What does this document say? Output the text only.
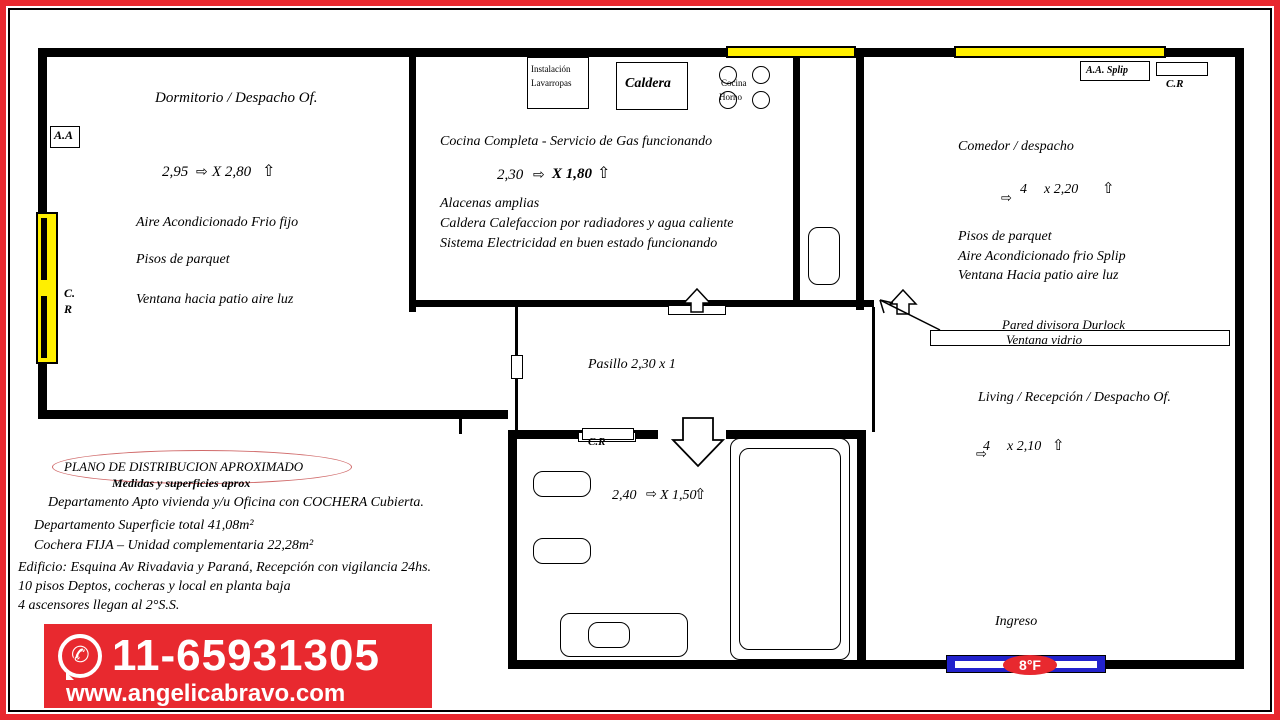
A.A
Dormitorio / Despacho Of.
2,95 ⇨ X 2,80 ⇧
Aire Acondicionado Frio fijo
Pisos de parquet
Ventana hacia patio aire luz
C.
R
Instalación
Lavarropas	Caldera	Cocina
Horno
Cocina Completa - Servicio de Gas funcionando
2,30 ⇨ X 1,80 ⇧
Alacenas amplias
Caldera Calefaccion por radiadores y agua caliente
Sistema Electricidad en buen estado funcionando
A.A. Splip
C.R
Comedor / despacho
4
⇨
x 2,20 ⇧
Pisos de parquet
Aire Acondicionado frio Splip
Ventana Hacia patio aire luz
Pared divisora Durlock
Ventana vidrio
Living / Recepción / Despacho Of.
4
⇨
x 2,10 ⇧
Pasillo 2,30 x 1
C.R
2,40 ⇨ X 1,50
⇧
PLANO DE DISTRIBUCION APROXIMADO
Medidas y superficies aprox
Departamento Apto vivienda y/u Oficina con COCHERA Cubierta.
Departamento Superficie total 41,08m²
Cochera FIJA – Unidad complementaria 22,28m²
Edificio: Esquina Av Rivadavia y Paraná, Recepción con vigilancia 24hs.
10 pisos Deptos, cocheras y local en planta baja
4 ascensores llegan al 2°S.S.
Ingreso
8°F
✆ 11-65931305
www.angelicabravo.com
